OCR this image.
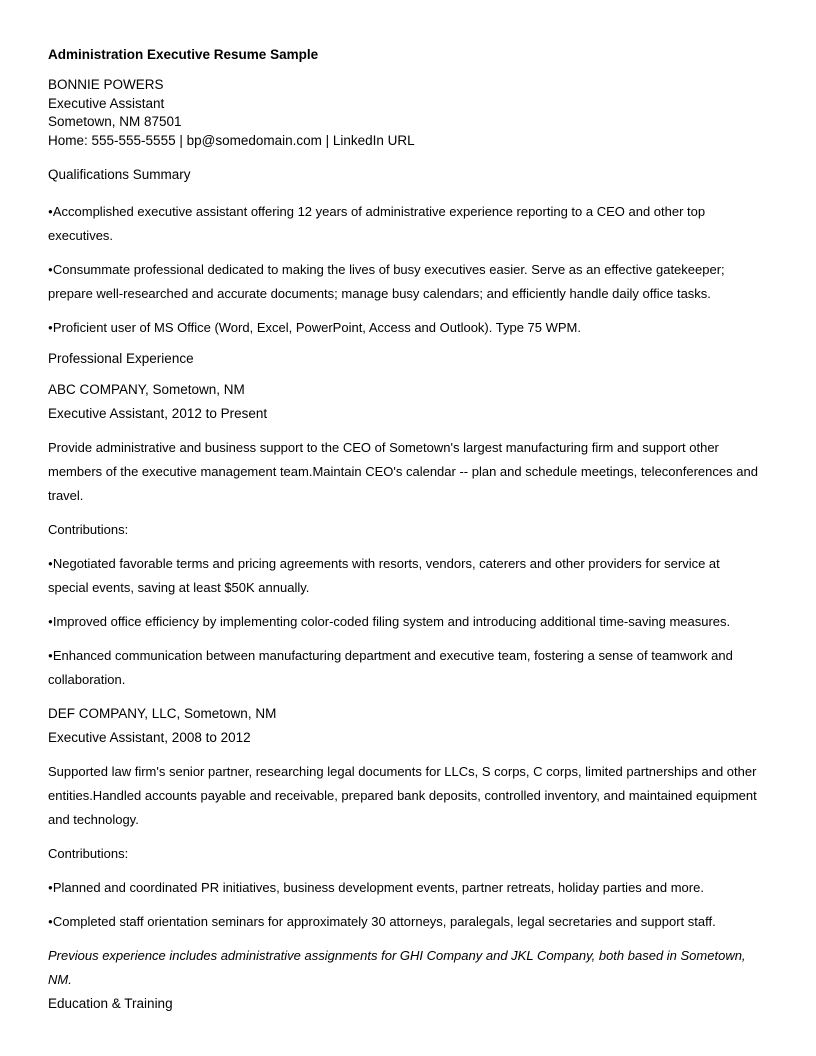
Administration Executive Resume Sample
BONNIE POWERS
Executive Assistant
Sometown, NM 87501
Home: 555-555-5555 | bp@somedomain.com | LinkedIn URL
Qualifications Summary
● Accomplished executive assistant offering 12 years of administrative experience reporting to a CEO and other top executives.
● Consummate professional dedicated to making the lives of busy executives easier. Serve as an effective gatekeeper; prepare well-researched and accurate documents; manage busy calendars; and efficiently handle daily office tasks.
● Proficient user of MS Office (Word, Excel, PowerPoint, Access and Outlook). Type 75 WPM.
Professional Experience
ABC COMPANY, Sometown, NM
Executive Assistant, 2012 to Present
Provide administrative and business support to the CEO of Sometown's largest manufacturing firm and support other members of the executive management team.Maintain CEO's calendar -- plan and schedule meetings, teleconferences and travel.
Contributions:
● Negotiated favorable terms and pricing agreements with resorts, vendors, caterers and other providers for service at special events, saving at least $50K annually.
● Improved office efficiency by implementing color-coded filing system and introducing additional time-saving measures.
● Enhanced communication between manufacturing department and executive team, fostering a sense of teamwork and collaboration.
DEF COMPANY, LLC, Sometown, NM
Executive Assistant, 2008 to 2012
Supported law firm's senior partner, researching legal documents for LLCs, S corps, C corps, limited partnerships and other entities.Handled accounts payable and receivable, prepared bank deposits, controlled inventory, and maintained equipment and technology.
Contributions:
● Planned and coordinated PR initiatives, business development events, partner retreats, holiday parties and more.
● Completed staff orientation seminars for approximately 30 attorneys, paralegals, legal secretaries and support staff.
Previous experience includes administrative assignments for GHI Company and JKL Company, both based in Sometown, NM.
Education & Training
